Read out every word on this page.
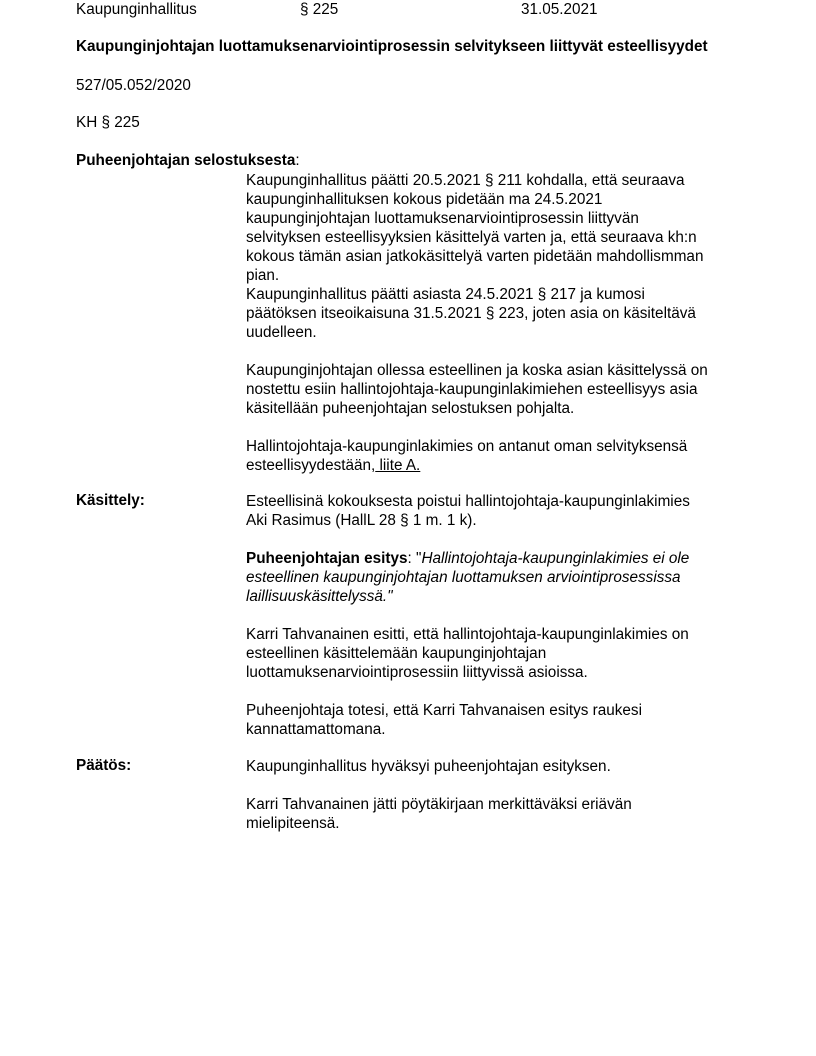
Kaupunginhallitus	§ 225	31.05.2021
Kaupunginjohtajan luottamuksenarviointiprosessin selvitykseen liittyvät esteellisyydet
527/05.052/2020
KH § 225
Puheenjohtajan selostuksesta:

Kaupunginhallitus päätti 20.5.2021 § 211 kohdalla, että seuraava

kaupunginhallituksen kokous pidetään ma 24.5.2021

kaupunginjohtajan luottamuksenarviointiprosessin liittyvän

selvityksen esteellisyyksien käsittelyä varten ja, että seuraava kh:n

kokous tämän asian jatkokäsittelyä varten pidetään mahdollismman

pian.

Kaupunginhallitus päätti asiasta 24.5.2021 § 217 ja kumosi

päätöksen itseoikaisuna 31.5.2021 § 223, joten asia on käsiteltävä

uudelleen.

Kaupunginjohtajan ollessa esteellinen ja koska asian käsittelyssä on

nostettu esiin hallintojohtaja-kaupunginlakimiehen esteellisyys asia

käsitellään puheenjohtajan selostuksen pohjalta.

Hallintojohtaja-kaupunginlakimies on antanut oman selvityksensä

esteellisyydestään, liite A.

Käsittely:	Esteellisinä kokouksesta poistui hallintojohtaja-kaupunginlakimies

Aki Rasimus (HallL 28 § 1 m. 1 k).

Puheenjohtajan esitys: "Hallintojohtaja-kaupunginlakimies ei ole

esteellinen kaupunginjohtajan luottamuksen arviointiprosessissa

laillisuuskäsittelyssä."

Karri Tahvanainen esitti, että hallintojohtaja-kaupunginlakimies on

esteellinen käsittelemään kaupunginjohtajan

luottamuksenarviointiprosessiin liittyvissä asioissa.

Puheenjohtaja totesi, että Karri Tahvanaisen esitys raukesi

kannattamattomana.

Päätös:	Kaupunginhallitus hyväksyi puheenjohtajan esityksen.

Karri Tahvanainen jätti pöytäkirjaan merkittäväksi eriävän

mielipiteensä.
